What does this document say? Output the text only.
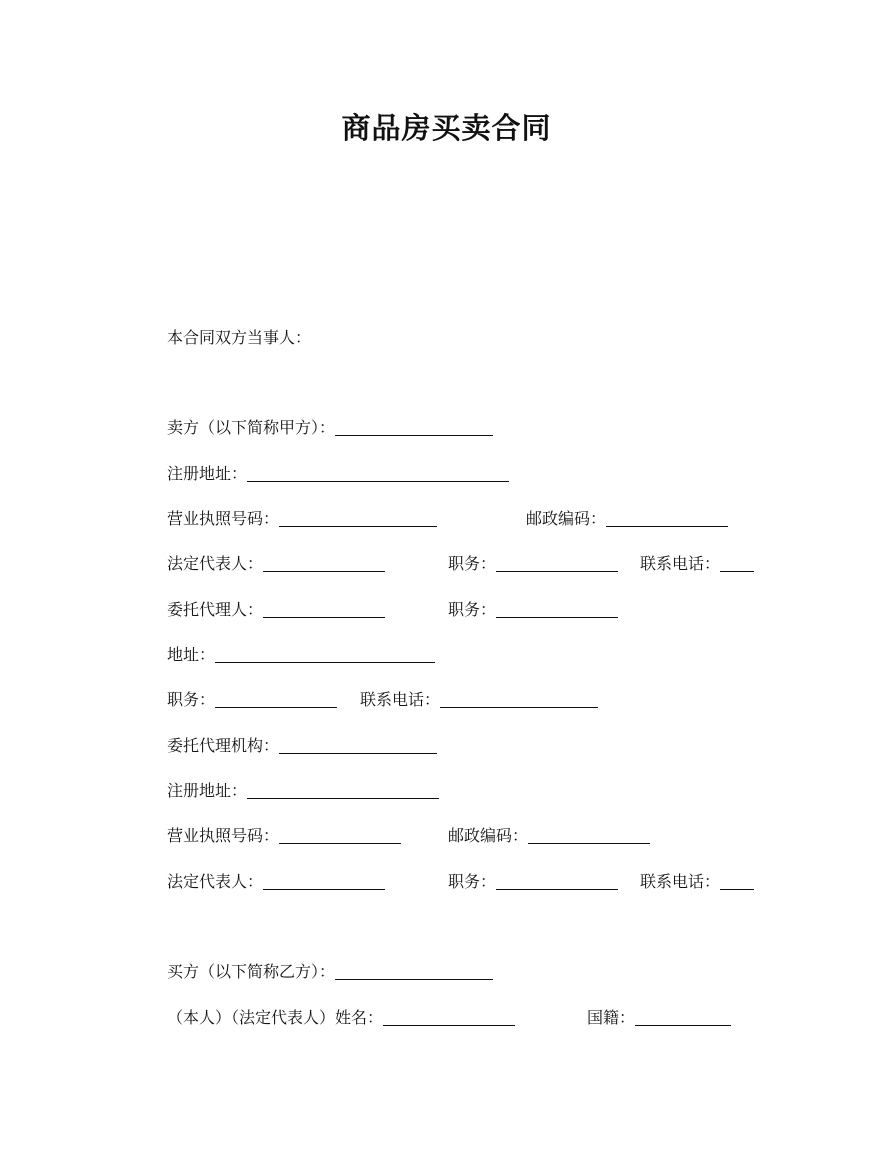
商品房买卖合同
本合同双方当事人：
卖方（以下简称甲方）：
注册地址：
营业执照号码：	邮政编码：
法定代表人：	职务：	联系电话：
委托代理人：	职务：
地址：
职务：	联系电话：
委托代理机构：
注册地址：
营业执照号码：	邮政编码：
法定代表人：	职务：	联系电话：
买方（以下简称乙方）：
（本人）（法定代表人）姓名：	国籍：
